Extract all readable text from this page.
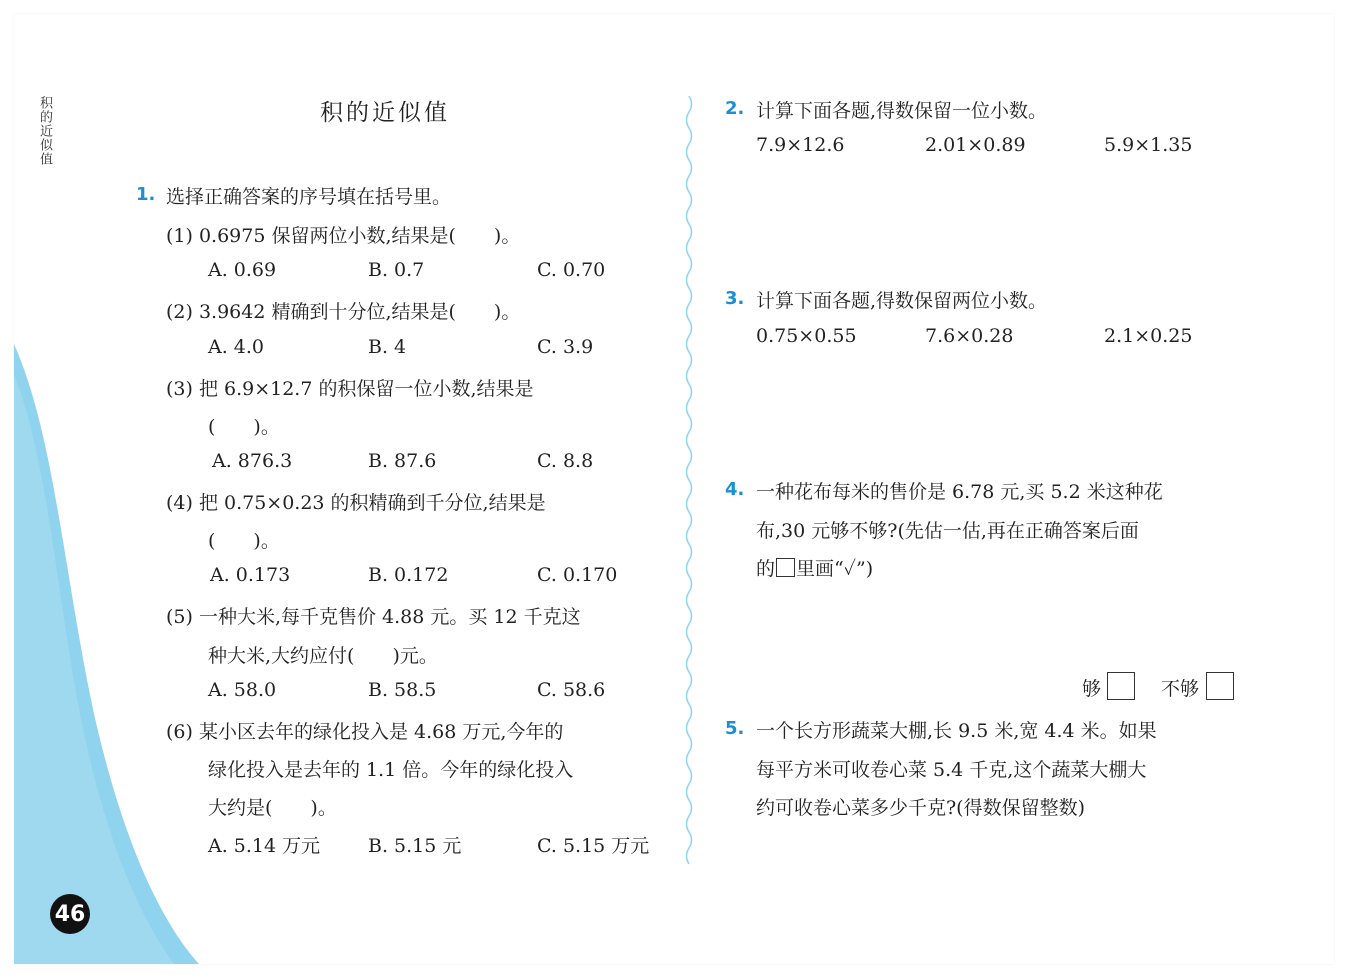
积的近似值
46
积的近似值
1. 选择正确答案的序号填在括号里。
(1) 0.6975 保留两位小数,结果是(　　)。
A. 0.69	B. 0.7	C. 0.70
(2) 3.9642 精确到十分位,结果是(　　)。
A. 4.0	B. 4	C. 3.9
(3) 把 6.9×12.7 的积保留一位小数,结果是
(　　)。
A. 876.3	B. 87.6	C. 8.8
(4) 把 0.75×0.23 的积精确到千分位,结果是
(　　)。
A. 0.173	B. 0.172	C. 0.170
(5) 一种大米,每千克售价 4.88 元。买 12 千克这
种大米,大约应付(　　)元。
A. 58.0	B. 58.5	C. 58.6
(6) 某小区去年的绿化投入是 4.68 万元,今年的
绿化投入是去年的 1.1 倍。今年的绿化投入
大约是(　　)。
A. 5.14 万元	B. 5.15 元	C. 5.15 万元
2. 计算下面各题,得数保留一位小数。
7.9×12.6	2.01×0.89	5.9×1.35
3. 计算下面各题,得数保留两位小数。
0.75×0.55	7.6×0.28	2.1×0.25
4. 一种花布每米的售价是 6.78 元,买 5.2 米这种花
布,30 元够不够?(先估一估,再在正确答案后面
的 里画“✓”)
够	不够
5. 一个长方形蔬菜大棚,长 9.5 米,宽 4.4 米。如果
每平方米可收卷心菜 5.4 千克,这个蔬菜大棚大
约可收卷心菜多少千克?(得数保留整数)
